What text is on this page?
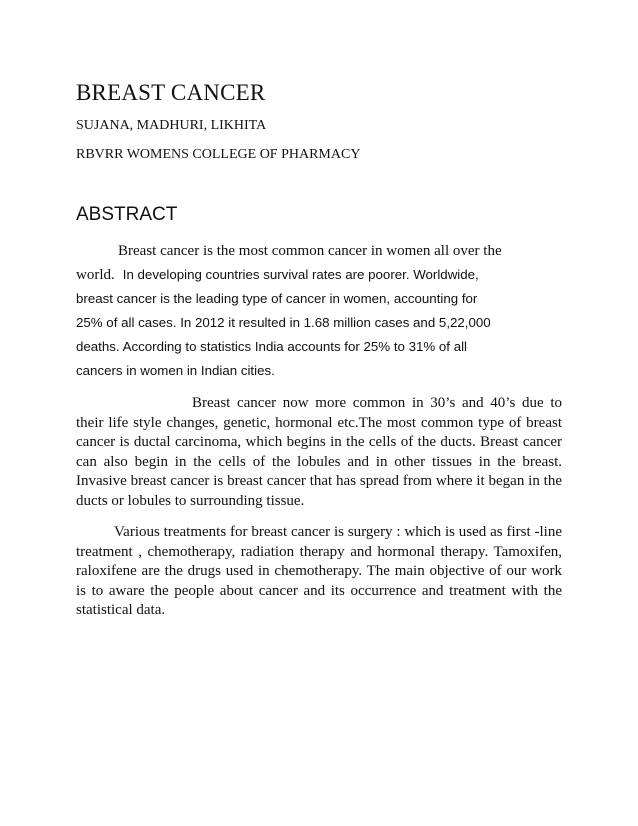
BREAST CANCER

SUJANA, MADHURI, LIKHITA

RBVRR WOMENS COLLEGE OF PHARMACY

ABSTRACT
Breast cancer is the most common cancer in women all over the
world. In developing countries survival rates are poorer. Worldwide,
breast cancer is the leading type of cancer in women, accounting for
25% of all cases. In 2012 it resulted in 1.68 million cases and 5,22,000
deaths. According to statistics India accounts for 25% to 31% of all
cancers in women in Indian cities.

Breast cancer now more common in 30’s and 40’s due to their life style changes, genetic, hormonal etc.The most common type of breast cancer is ductal carcinoma, which begins in the cells of the ducts. Breast cancer can also begin in the cells of the lobules and in other tissues in the breast. Invasive breast cancer is breast cancer that has spread from where it began in the ducts or lobules to surrounding tissue.

Various treatments for breast cancer is surgery : which is used as first -line treatment , chemotherapy, radiation therapy and hormonal therapy. Tamoxifen, raloxifene are the drugs used in chemotherapy. The main objective of our work is to aware the people about cancer and its occurrence and treatment with the statistical data.
